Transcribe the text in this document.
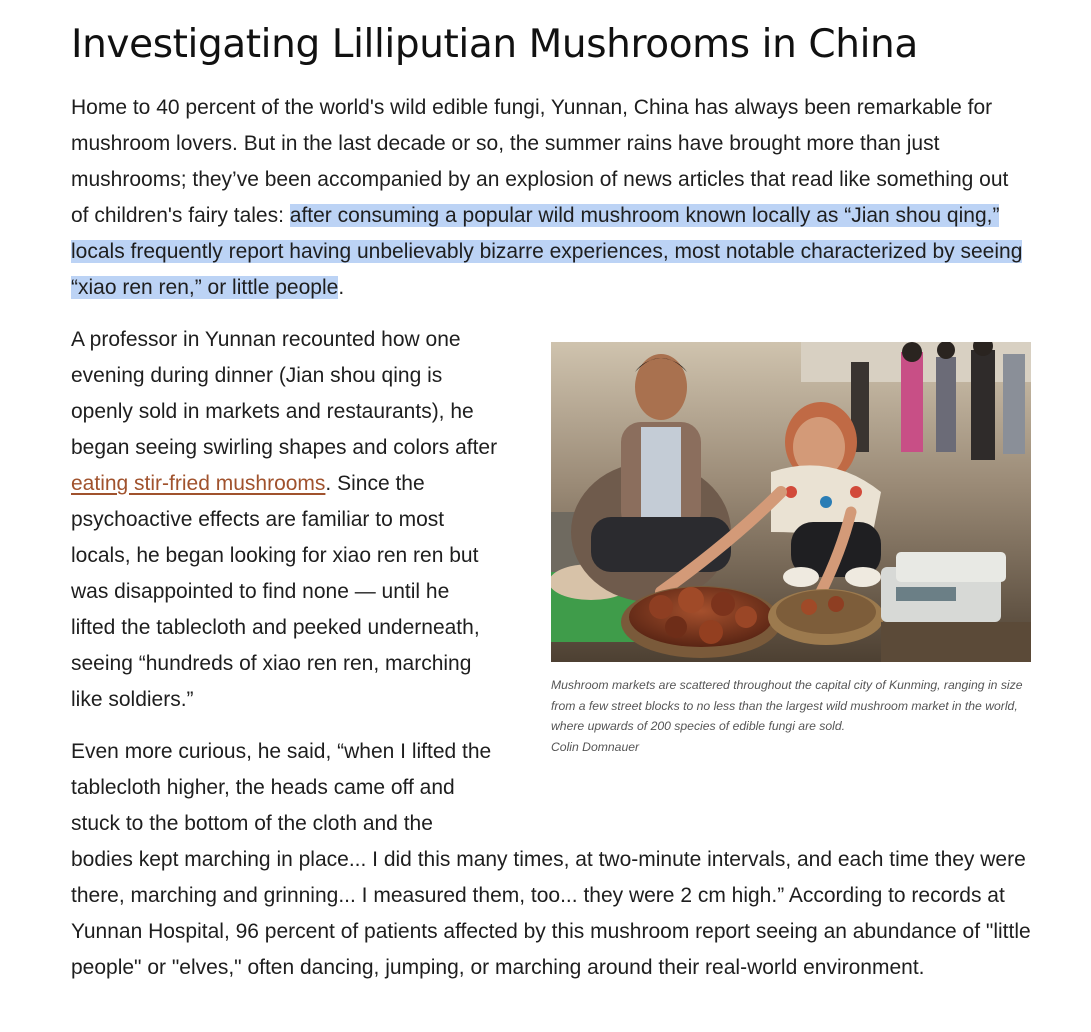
Investigating Lilliputian Mushrooms in China

Home to 40 percent of the world's wild edible fungi, Yunnan, China has always been remarkable for mushroom lovers. But in the last decade or so, the summer rains have brought more than just mushrooms; they’ve been accompanied by an explosion of news articles that read like something out of children's fairy tales: after consuming a popular wild mushroom known locally as “Jian shou qing,” locals frequently report having unbelievably bizarre experiences, most notable characterized by seeing “xiao ren ren,” or little people.

Mushroom markets are scattered throughout the capital city of Kunming, ranging in size from a few street blocks to no less than the largest wild mushroom market in the world, where upwards of 200 species of edible fungi are sold.
Colin Domnauer

A professor in Yunnan recounted how one evening during dinner (Jian shou qing is openly sold in markets and restaurants), he began seeing swirling shapes and colors after eating stir-fried mushrooms. Since the psychoactive effects are familiar to most locals, he began looking for xiao ren ren but was disappointed to find none — until he lifted the tablecloth and peeked underneath, seeing “hundreds of xiao ren ren, marching like soldiers.”

Even more curious, he said, “when I lifted the tablecloth higher, the heads came off and stuck to the bottom of the cloth and the bodies kept marching in place... I did this many times, at two-minute intervals, and each time they were there, marching and grinning... I measured them, too... they were 2 cm high.” According to records at Yunnan Hospital, 96 percent of patients affected by this mushroom report seeing an abundance of "little people" or "elves," often dancing, jumping, or marching around their real-world environment.
